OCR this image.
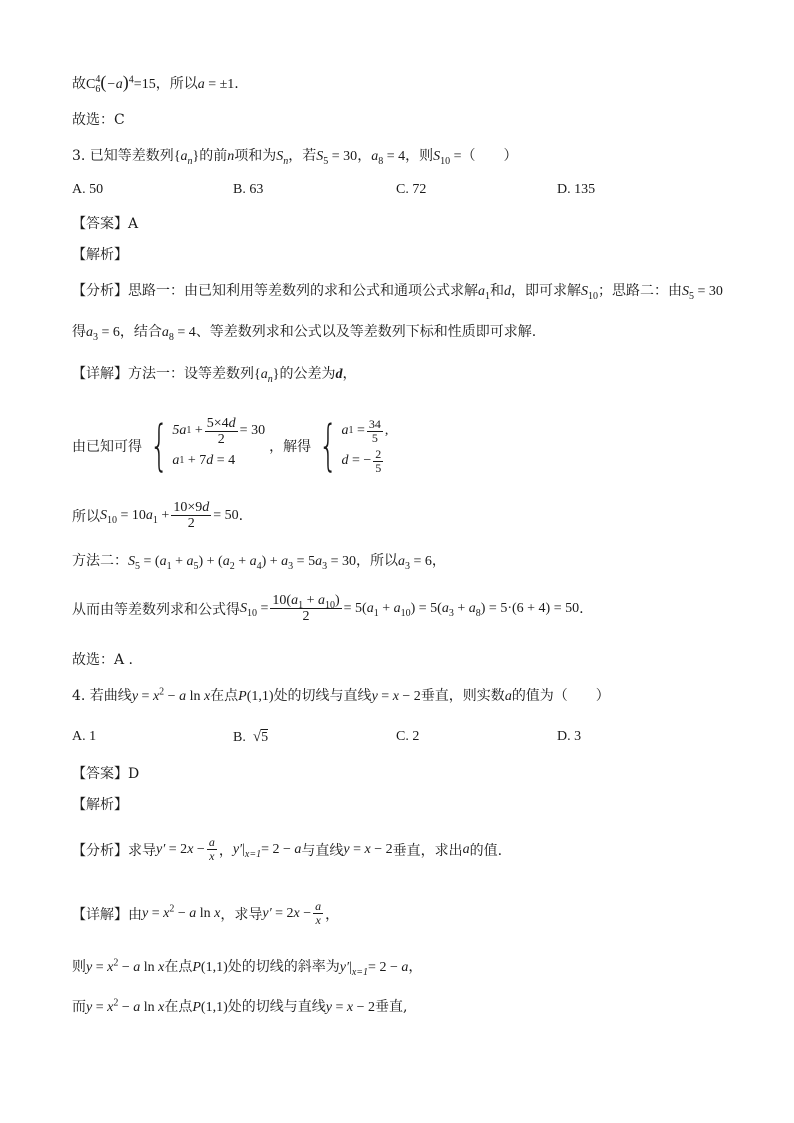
故C 4
6 $(-a)^4=15$，所以a = ±1.
故选：C
3. 已知等差数列$\{a_n\}$的前n项和为$S_n$，若$S_5 = 30$，$a_8 = 4$，则$S_{10}$ =（　　）
A. 50	B. 63	C. 72	D. 135
【答案】A
【解析】
【分析】思路一：由已知利用等差数列的求和公式和通项公式求解$a_1$和d，即可求解$S_{10}$；思路二：由$S_5 = 30$
得$a_3 = 6$，结合$a_8 = 4$、等差数列求和公式以及等差数列下标和性质即可求解.
【详解】方法一：设等差数列$\{a_n\}$的公差为d，
由已知可得 { 5a $1 + \frac{5\times 4d}{2} = 30$
a 1 + 7 d = 4
，解得 { a $1 = \frac{34}{5}$ ,
d = − $\frac{2}{5}$
所以 $S_{10} = 10a_1 + \frac{10\times 9d}{2} = 50$ .
方法二：$S_5 = (a_1 + a_5) + (a_2 + a_4) + a_3 = 5a_3 = 30$，所以$a_3 = 6$，
从而由等差数列求和公式得 $S_{10} = \frac{10(a_1 + a_{10})}{2} = 5(a_1 + a_{10}) = 5(a_3 + a_8) = 5\cdot(6 + 4) = 50$ .
故选：A .
4. 若曲线$y = x^2 - a$ ln x在点P(1,1)处的切线与直线y = x − 2垂直，则实数a的值为（　　）
A. 1	B. √5	C. 2	D. 3
【答案】D
【解析】
【分析】求导 $y' = 2x - \frac{a}{x}$ ， $y'|_{x=1}= 2 - a$ 与直线 y = x − 2 垂直，求出 a 的值.
【详解】由 $y = x^2 - a$ ln x ，求导 $y' = 2x - \frac{a}{x}$ ，
则$y = x^2 - a$ ln x在点P(1,1)处的切线的斜率为$y'|_{x=1}= 2 - a$，
而$y = x^2 - a$ ln x在点P(1,1)处的切线与直线y = x − 2垂直,
